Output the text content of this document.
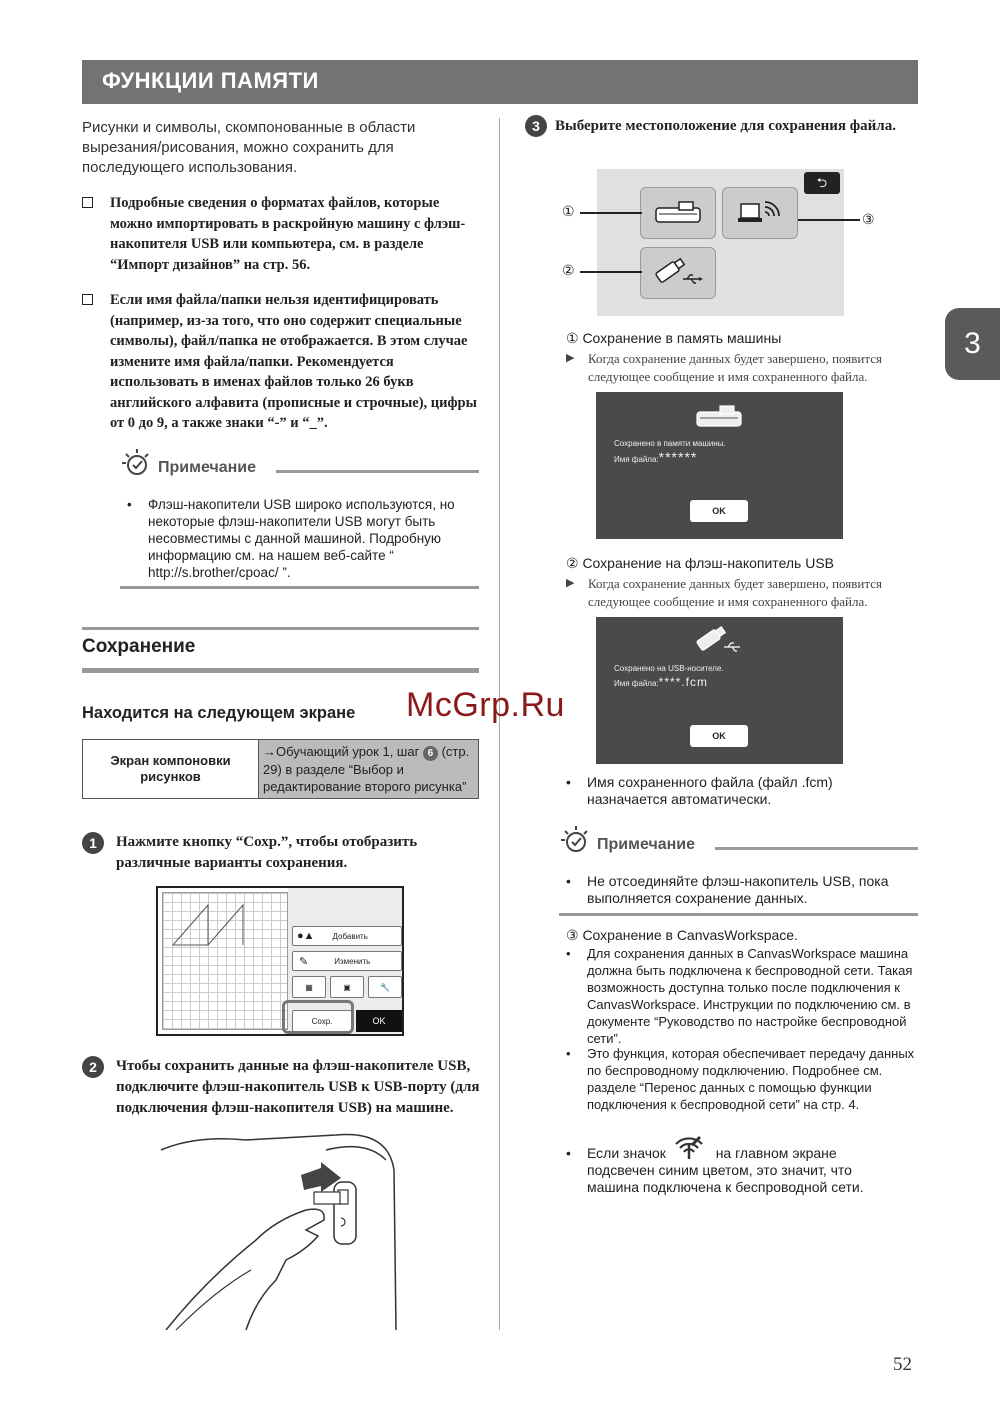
ФУНКЦИИ ПАМЯТИ
3
Рисунки и символы, скомпонованные в области вырезания/рисования, можно сохранить для последующего использования.
Подробные сведения о форматах файлов, которые можно импортировать в раскройную машину с флэш-накопителя USB или компьютера, см. в разделе “Импорт дизайнов” на стр. 56.
Если имя файла/папки нельзя идентифицировать (например, из-за того, что оно содержит специальные символы), файл/папка не отображается. В этом случае измените имя файла/папки. Рекомендуется использовать в именах файлов только 26 букв английского алфавита (прописные и строчные), цифры от 0 до 9, а также знаки “-” и “_”.
Примечание
• Флэш-накопители USB широко используются, но некоторые флэш-накопители USB могут быть несовместимы с данной машиной. Подробную информацию см. на нашем веб-сайте “ http://s.brother/cpoac/ ”.
Сохранение
Находится на следующем экране
Экран компоновки рисунков
→Обучающий урок 1, шаг 6 (стр. 29) в разделе “Выбор и редактирование второго рисунка”
1	Нажмите кнопку “Сохр.”, чтобы отобразить различные варианты сохранения.
●▲ Добавить
✎	Изменить
▦	▣	🔧
Сохр.	OK
2	Чтобы сохранить данные на флэш-накопителе USB, подключите флэш-накопитель USB к USB-порту (для подключения флэш-накопителя USB) на машине.
3	Выберите местоположение для сохранения файла.
⮌
①
②
③
① Сохранение в память машины
▶ Когда сохранение данных будет завершено, появится следующее сообщение и имя сохраненного файла.
Сохранено в памяти машины.
Имя файла:******
OK
② Сохранение на флэш-накопитель USB
▶ Когда сохранение данных будет завершено, появится следующее сообщение и имя сохраненного файла.
Сохранено на USB-носителе.
Имя файла:****.fcm
OK
• Имя сохраненного файла (файл .fcm) назначается автоматически.
Примечание
• Не отсоединяйте флэш-накопитель USB, пока выполняется сохранение данных.
③ Сохранение в CanvasWorkspace.
• Для сохранения данных в CanvasWorkspace машина должна быть подключена к беспроводной сети. Такая возможность доступна только после подключения к CanvasWorkspace. Инструкции по подключению см. в документе “Руководство по настройке беспроводной сети”.
• Это функция, которая обеспечивает передачу данных по беспроводному подключению. Подробнее см. разделе “Перенос данных с помощью функции подключения к беспроводной сети” на стр. 4.
• Если значок	на главном экране подсвечен синим цветом, это значит, что машина подключена к беспроводной сети.
McGrp.Ru
52
